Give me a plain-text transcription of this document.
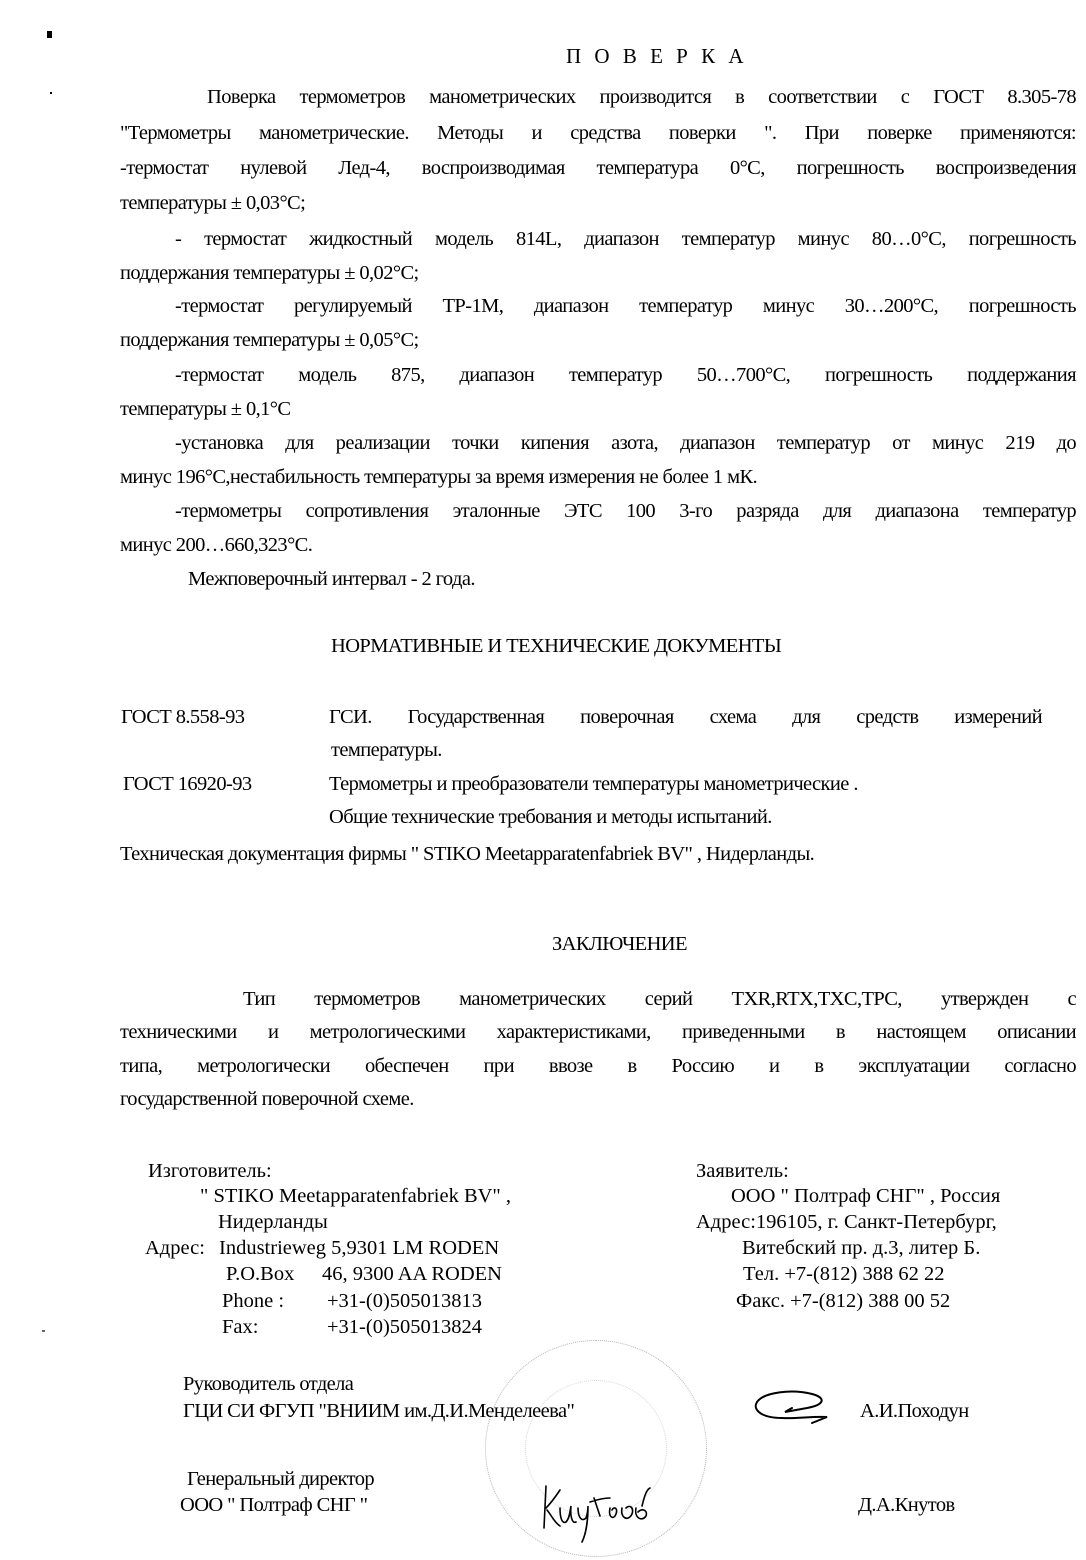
П О В Е Р К А
Поверка термометров манометрических производится в соответствии с ГОСТ 8.305-78
"Термометры манометрические. Методы и средства поверки ". При поверке применяются:
-термостат нулевой Лед-4, воспроизводимая температура 0°С, погрешность воспроизведения
температуры ± 0,03°С;
- термостат жидкостный модель 814L, диапазон температур минус 80…0°С, погрешность
поддержания температуры ± 0,02°С;
-термостат регулируемый ТР-1М, диапазон температур минус 30…200°С, погрешность
поддержания температуры ± 0,05°С;
-термостат модель 875, диапазон температур 50…700°С, погрешность поддержания
температуры ± 0,1°С
-установка для реализации точки кипения азота, диапазон температур от минус 219 до
минус 196°С,нестабильность температуры за время измерения не более 1 мК.
-термометры сопротивления эталонные ЭТС 100 3-го разряда для диапазона температур
минус 200…660,323°С.
Межповерочный интервал - 2 года.
НОРМАТИВНЫЕ И ТЕХНИЧЕСКИЕ ДОКУМЕНТЫ
ГОСТ 8.558-93	ГСИ. Государственная поверочная схема для средств измерений
температуры.
ГОСТ 16920-93	Термометры и преобразователи температуры манометрические .
Общие технические требования и методы испытаний.
Техническая документация фирмы " STIKO Meetapparatenfabriek BV" , Нидерланды.
ЗАКЛЮЧЕНИЕ
Тип термометров манометрических серий TXR,RTX,TXC,TPC, утвержден с
техническими и метрологическими характеристиками, приведенными в настоящем описании
типа, метрологически обеспечен при ввозе в Россию и в эксплуатации согласно
государственной поверочной схеме.
Изготовитель:
" STIKO Meetapparatenfabriek BV" ,
Нидерланды
Адрес: Industrieweg 5,9301 LM RODEN
P.O.Box 46, 9300 AA RODEN
Phone : +31-(0)505013813
Fax:	+31-(0)505013824
Заявитель:
ООО " Полтраф СНГ" , Россия
Адрес:196105, г. Санкт-Петербург,
Витебский пр. д.3, литер Б.
Тел. +7-(812) 388 62 22
Факс. +7-(812) 388 00 52
Руководитель отдела
ГЦИ СИ ФГУП "ВНИИМ им.Д.И.Менделеева"	А.И.Походун
Генеральный директор
ООО " Полтраф СНГ "	Д.А.Кнутов
